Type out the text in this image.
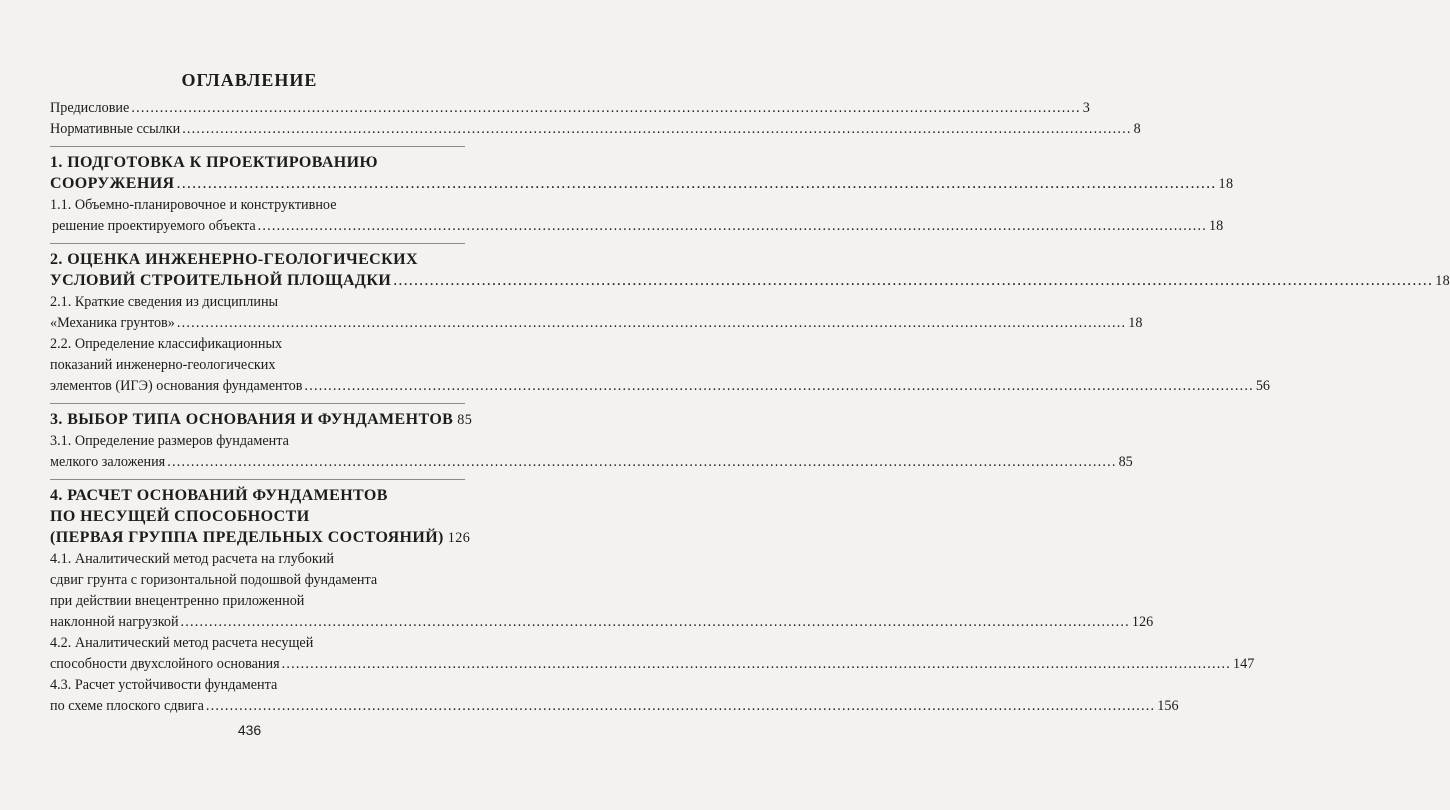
ОГЛАВЛЕНИЕ
Предисловие .....	3
Нормативные ссылки .....	8
1. ПОДГОТОВКА К ПРОЕКТИРОВАНИЮ
СООРУЖЕНИЯ .....	18
1.1. Объемно-планировочное и конструктивное
решение проектируемого объекта .....	18
2. ОЦЕНКА ИНЖЕНЕРНО-ГЕОЛОГИЧЕСКИХ
УСЛОВИЙ СТРОИТЕЛЬНОЙ ПЛОЩАДКИ .....	18
2.1. Краткие сведения из дисциплины
«Механика грунтов» .....	18
2.2. Определение классификационных
показаний инженерно-геологических
элементов (ИГЭ) основания фундаментов .....	56
3. ВЫБОР ТИПА ОСНОВАНИЯ И ФУНДАМЕНТОВ 85
3.1. Определение размеров фундамента
мелкого заложения .....	85
4. РАСЧЕТ ОСНОВАНИЙ ФУНДАМЕНТОВ
ПО НЕСУЩЕЙ СПОСОБНОСТИ
(ПЕРВАЯ ГРУППА ПРЕДЕЛЬНЫХ СОСТОЯНИЙ) 126
4.1. Аналитический метод расчета на глубокий
сдвиг грунта с горизонтальной подошвой фундамента
при действии внецентренно приложенной
наклонной нагрузкой .....	126
4.2. Аналитический метод расчета несущей
способности двухслойного основания .....	147
4.3. Расчет устойчивости фундамента
по схеме плоского сдвига .....	156
436
